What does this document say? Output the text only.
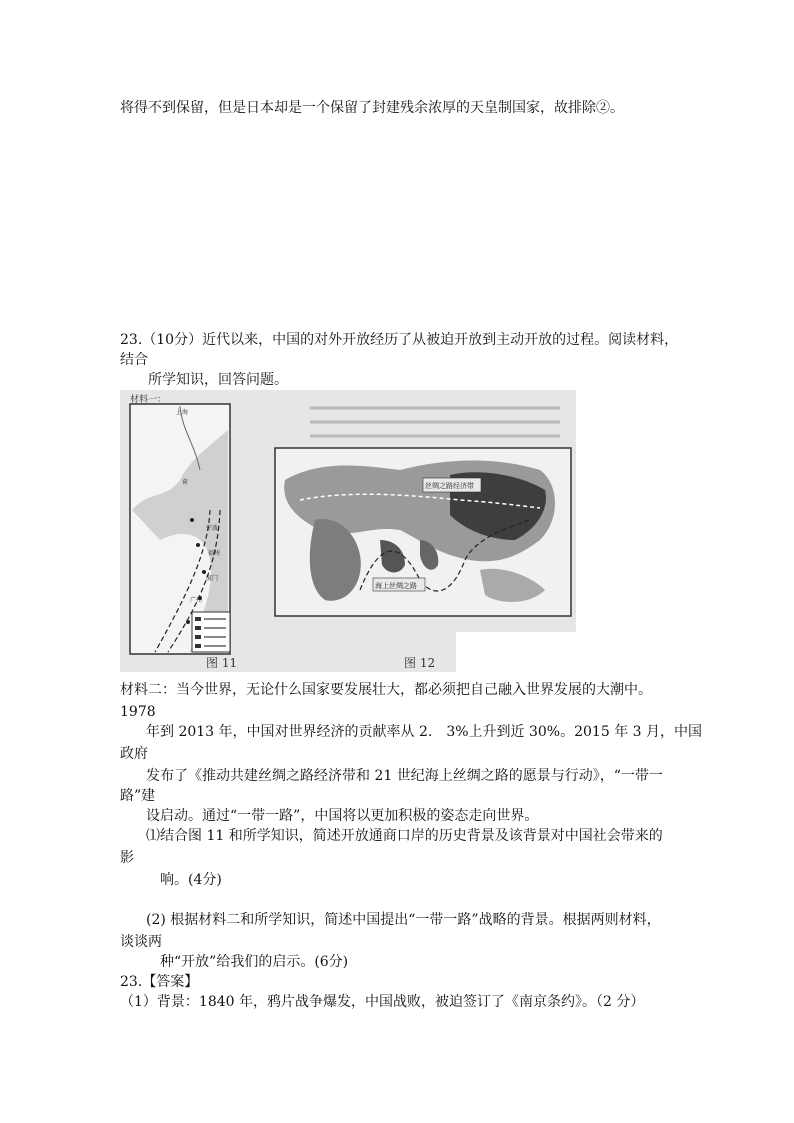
将得不到保留，但是日本却是一个保留了封建残余浓厚的天皇制国家，故排除②。
23.（10分）近代以来，中国的对外开放经历了从被迫开放到主动开放的过程。阅读材料，
结合
所学知识，回答问题。
材料一：
上海
荷
广州
厦门
福州
宁波
丝绸之路经济带
海上丝绸之路
图 11	图 12
材料二：当今世界，无论什么国家要发展壮大，都必须把自己融入世界发展的大潮中。
1978
年到 2013 年，中国对世界经济的贡献率从 2.　3%上升到近 30%。2015 年 3 月，中国
政府
发布了《推动共建丝绸之路经济带和 21 世纪海上丝绸之路的愿景与行动》，“一带一
路”建
设启动。通过“一带一路”，中国将以更加积极的姿态走向世界。
⑴结合图 11 和所学知识，简述开放通商口岸的历史背景及该背景对中国社会带来的
影
响。(4分)
(2) 根据材料二和所学知识，简述中国提出“一带一路”战略的背景。根据两则材料，
谈谈两
种“开放”给我们的启示。(6分)
23.【答案】
（1）背景：1840 年，鸦片战争爆发，中国战败，被迫签订了《南京条约》。（2 分）
